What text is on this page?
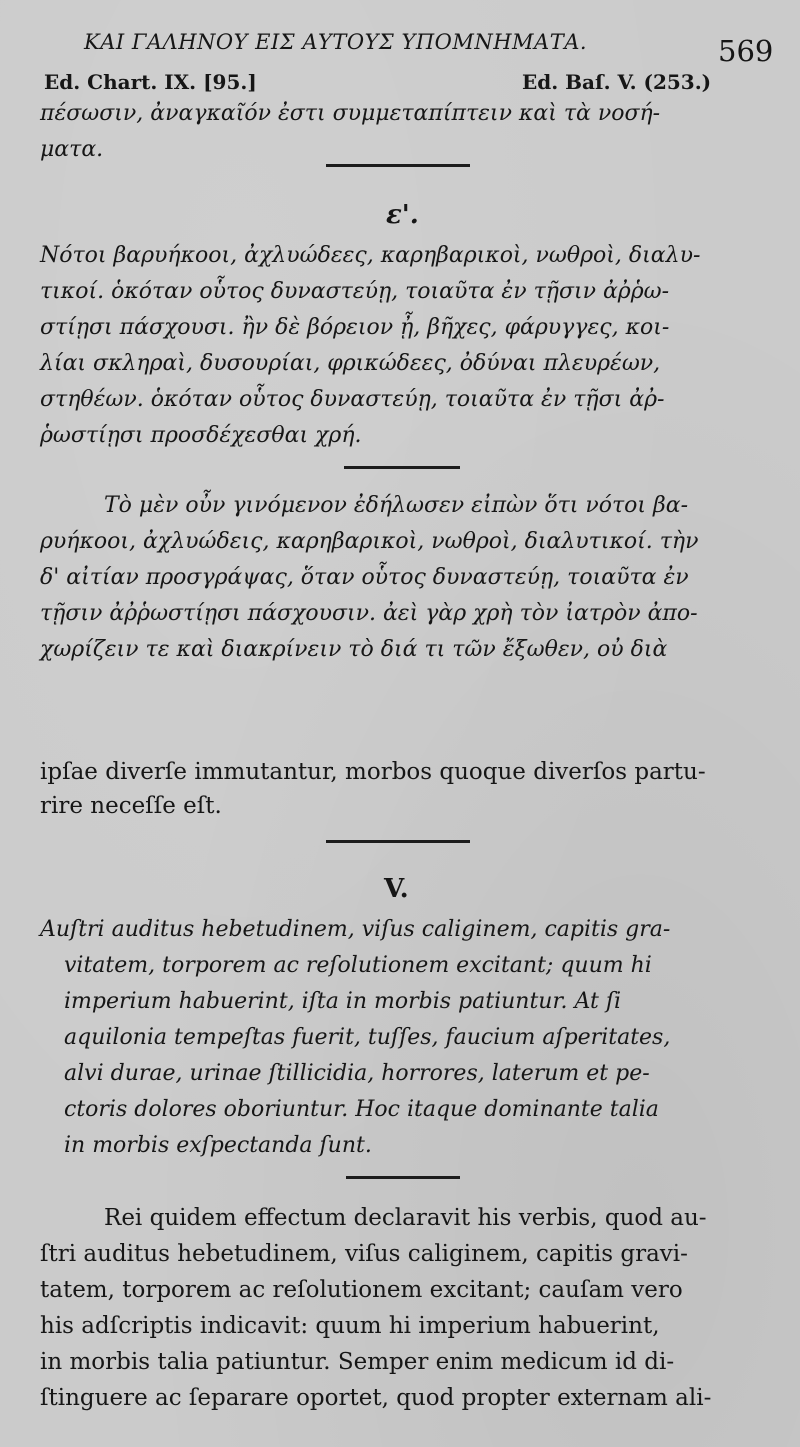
ΚΑΙ ΓΑΛΗΝΟΥ ΕΙΣ ΑΥΤΟΥΣ ΥΠΟΜΝΗΜΑΤΑ.	569
Ed. Chart. IX. [95.]	Ed. Baſ. V. (253.)
πέσωσιν, ἀναγκαῖόν ἐστι συμμεταπίπτειν καὶ τὰ νοσή-
ματα.
ε'.
Νότοι βαρυήκοοι, ἀχλυώδεες, καρηβαρικοὶ, νωθροὶ, διαλυ-
τικοί. ὁκόταν οὗτος δυναστεύῃ, τοιαῦτα ἐν τῇσιν ἀῤῥω-
στίῃσι πάσχουσι. ἢν δὲ βόρειον ᾖ, βῆχες, φάρυγγες, κοι-
λίαι σκληραὶ, δυσουρίαι, φρικώδεες, ὀδύναι πλευρέων,
στηθέων. ὁκόταν οὗτος δυναστεύῃ, τοιαῦτα ἐν τῇσι ἀῤ-
ῥωστίῃσι προσδέχεσθαι χρή.
Τὸ μὲν οὖν γινόμενον ἐδήλωσεν εἰπὼν ὅτι νότοι βα-
ρυήκοοι, ἀχλυώδεις, καρηβαρικοὶ, νωθροὶ, διαλυτικοί. τὴν
δ' αἰτίαν προσγράψας, ὅταν οὗτος δυναστεύῃ, τοιαῦτα ἐν
τῇσιν ἀῤῥωστίῃσι πάσχουσιν. ἀεὶ γὰρ χρὴ τὸν ἰατρὸν ἀπο-
χωρίζειν τε καὶ διακρίνειν τὸ διά τι τῶν ἔξωθεν, οὐ διὰ
ipſae diverſe immutantur, morbos quoque diverſos partu-
rire neceſſe eſt.
V.
Auſtri auditus hebetudinem, viſus caliginem, capitis gra-
vitatem, torporem ac reſolutionem excitant; quum hi
imperium habuerint, iſta in morbis patiuntur. At ſi
aquilonia tempeſtas fuerit, tuſſes, faucium aſperitates,
alvi durae, urinae ſtillicidia, horrores, laterum et pe-
ctoris dolores oboriuntur. Hoc itaque dominante talia
in morbis exſpectanda ſunt.
Rei quidem effectum declaravit his verbis, quod au-
ſtri auditus hebetudinem, viſus caliginem, capitis gravi-
tatem, torporem ac reſolutionem excitant; cauſam vero
his adſcriptis indicavit: quum hi imperium habuerint,
in morbis talia patiuntur. Semper enim medicum id di-
ſtinguere ac ſeparare oportet, quod propter externam ali-
